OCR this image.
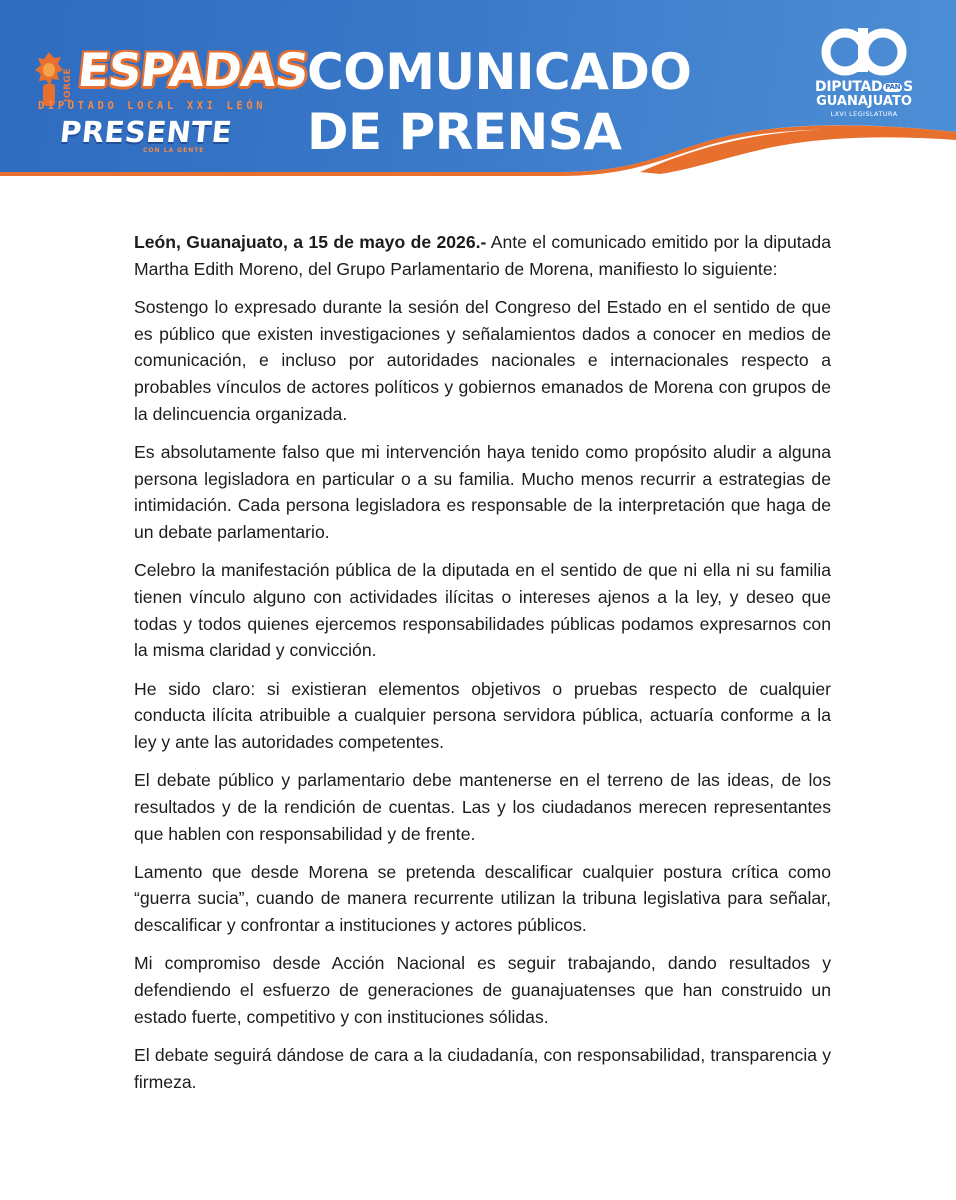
JORGE ESPADAS
DIPUTADO LOCAL XXI LEÓN
PRESENTE
CON LA GENTE
COMUNICADO
DE PRENSA
DIPUTAD PAN S
GUANAJUATO
LXVI LEGISLATURA

León, Guanajuato, a 15 de mayo de 2026.- Ante el comunicado emitido por la diputada Martha Edith Moreno, del Grupo Parlamentario de Morena, manifiesto lo siguiente:

Sostengo lo expresado durante la sesión del Congreso del Estado en el sentido de que es público que existen investigaciones y señalamientos dados a conocer en medios de comunicación, e incluso por autoridades nacionales e internacionales respecto a probables vínculos de actores políticos y gobiernos emanados de Morena con grupos de la delincuencia organizada.

Es absolutamente falso que mi intervención haya tenido como propósito aludir a alguna persona legisladora en particular o a su familia. Mucho menos recurrir a estrategias de intimidación. Cada persona legisladora es responsable de la interpretación que haga de un debate parlamentario.

Celebro la manifestación pública de la diputada en el sentido de que ni ella ni su familia tienen vínculo alguno con actividades ilícitas o intereses ajenos a la ley, y deseo que todas y todos quienes ejercemos responsabilidades públicas podamos expresarnos con la misma claridad y convicción.

He sido claro: si existieran elementos objetivos o pruebas respecto de cualquier conducta ilícita atribuible a cualquier persona servidora pública, actuaría conforme a la ley y ante las autoridades competentes.

El debate público y parlamentario debe mantenerse en el terreno de las ideas, de los resultados y de la rendición de cuentas. Las y los ciudadanos merecen representantes que hablen con responsabilidad y de frente.

Lamento que desde Morena se pretenda descalificar cualquier postura crítica como “guerra sucia”, cuando de manera recurrente utilizan la tribuna legislativa para señalar, descalificar y confrontar a instituciones y actores públicos.

Mi compromiso desde Acción Nacional es seguir trabajando, dando resultados y defendiendo el esfuerzo de generaciones de guanajuatenses que han construido un estado fuerte, competitivo y con instituciones sólidas.

El debate seguirá dándose de cara a la ciudadanía, con responsabilidad, transparencia y firmeza.
